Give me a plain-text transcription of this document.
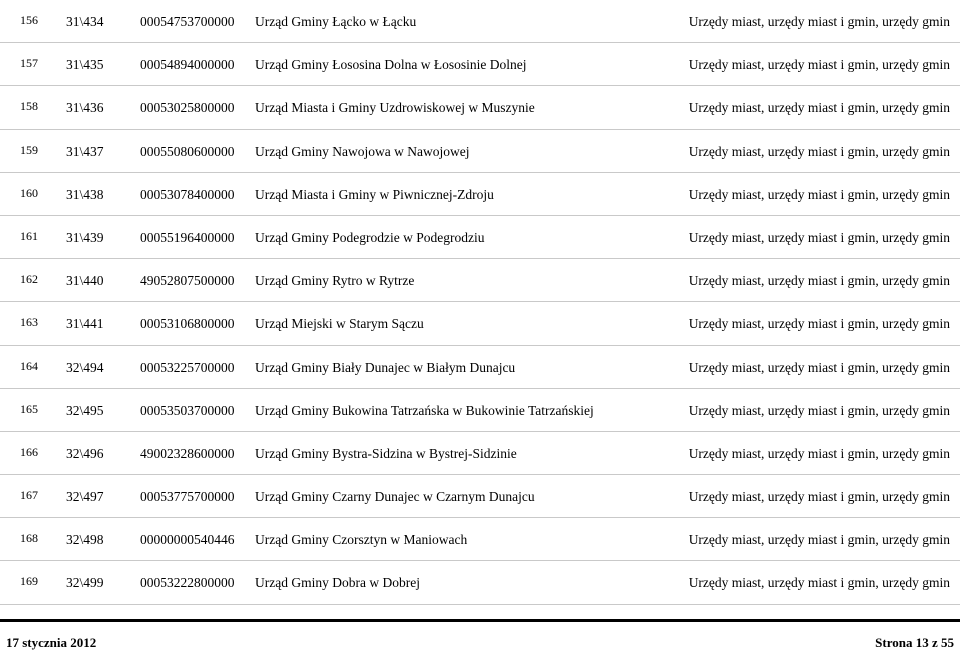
156 31\434	00054753700000 Urząd Gminy Łącko w Łącku	Urzędy miast, urzędy miast i gmin, urzędy gmin
157 31\435	00054894000000 Urząd Gminy Łososina Dolna w Łososinie Dolnej	Urzędy miast, urzędy miast i gmin, urzędy gmin
158 31\436	00053025800000 Urząd Miasta i Gminy Uzdrowiskowej w Muszynie	Urzędy miast, urzędy miast i gmin, urzędy gmin
159 31\437	00055080600000 Urząd Gminy Nawojowa w Nawojowej	Urzędy miast, urzędy miast i gmin, urzędy gmin
160 31\438	00053078400000 Urząd Miasta i Gminy w Piwnicznej-Zdroju	Urzędy miast, urzędy miast i gmin, urzędy gmin
161 31\439	00055196400000 Urząd Gminy Podegrodzie w Podegrodziu	Urzędy miast, urzędy miast i gmin, urzędy gmin
162 31\440	49052807500000 Urząd Gminy Rytro w Rytrze	Urzędy miast, urzędy miast i gmin, urzędy gmin
163 31\441	00053106800000 Urząd Miejski w Starym Sączu	Urzędy miast, urzędy miast i gmin, urzędy gmin
164 32\494	00053225700000 Urząd Gminy Biały Dunajec w Białym Dunajcu	Urzędy miast, urzędy miast i gmin, urzędy gmin
165 32\495	00053503700000 Urząd Gminy Bukowina Tatrzańska w Bukowinie Tatrzańskiej	Urzędy miast, urzędy miast i gmin, urzędy gmin
166 32\496	49002328600000 Urząd Gminy Bystra-Sidzina w Bystrej-Sidzinie	Urzędy miast, urzędy miast i gmin, urzędy gmin
167 32\497	00053775700000 Urząd Gminy Czarny Dunajec w Czarnym Dunajcu	Urzędy miast, urzędy miast i gmin, urzędy gmin
168 32\498	00000000540446 Urząd Gminy Czorsztyn w Maniowach	Urzędy miast, urzędy miast i gmin, urzędy gmin
169 32\499	00053222800000 Urząd Gminy Dobra w Dobrej	Urzędy miast, urzędy miast i gmin, urzędy gmin
17 stycznia 2012	Strona 13 z 55
